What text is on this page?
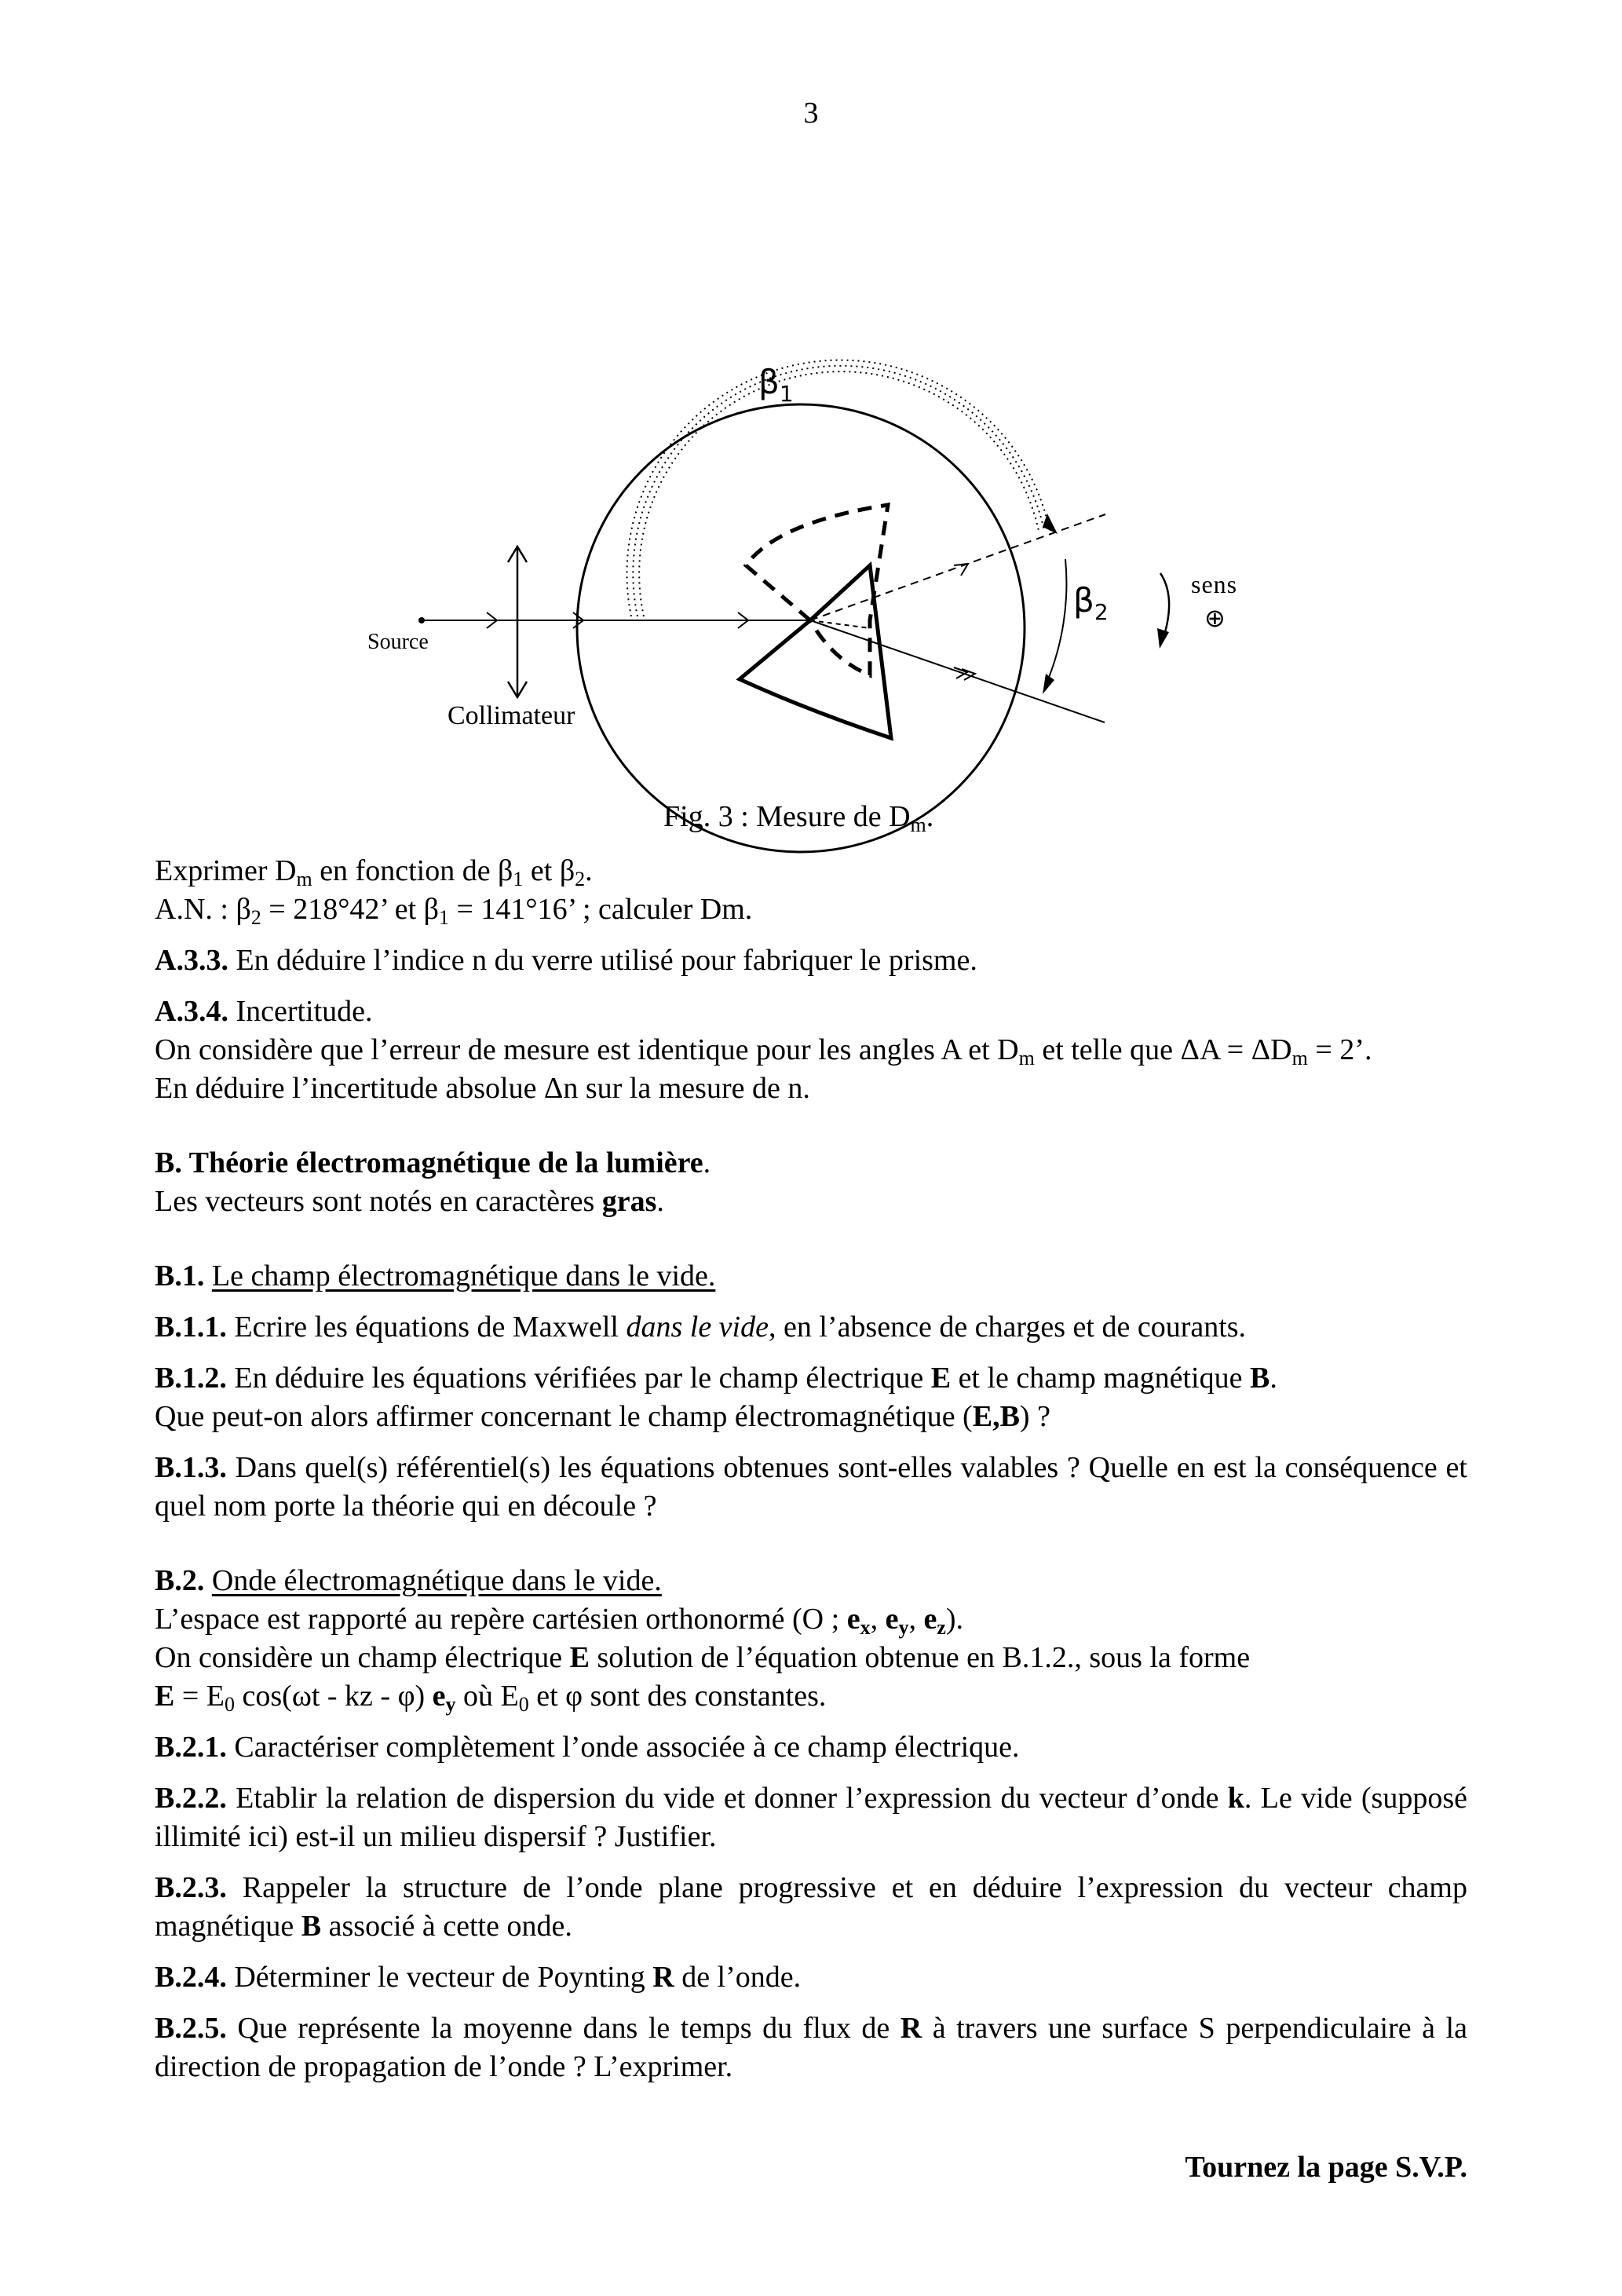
3
$\beta_1$
$\beta_2$
sens
⊕
Source
Collimateur
Fig. 3 : Mesure de $D_m$.

Exprimer $D_m$ en fonction de $\beta_1$ et $\beta_2$.

A.N. : $\beta_2 = 218^\circ 42$’ et $\beta_1 = 141^\circ 16$’ ; calculer Dm.

A.3.3. En déduire l’indice n du verre utilisé pour fabriquer le prisme.

A.3.4. Incertitude.

On considère que l’erreur de mesure est identique pour les angles A et $D_m$ et telle que $\Delta A = \Delta D_m = 2$’.

En déduire l’incertitude absolue Δn sur la mesure de n.

B. Théorie électromagnétique de la lumière.

Les vecteurs sont notés en caractères gras.

B.1. Le champ électromagnétique dans le vide.

B.1.1. Ecrire les équations de Maxwell dans le vide, en l’absence de charges et de courants.

B.1.2. En déduire les équations vérifiées par le champ électrique E et le champ magnétique B.

Que peut-on alors affirmer concernant le champ électromagnétique (E,B) ?

B.1.3. Dans quel(s) référentiel(s) les équations obtenues sont-elles valables ? Quelle en est la conséquence et quel nom porte la théorie qui en découle ?

B.2. Onde électromagnétique dans le vide.

L’espace est rapporté au repère cartésien orthonormé (O ; $e_x$, $e_y$, $e_z$).

On considère un champ électrique E solution de l’équation obtenue en B.1.2., sous la forme
$E = E_0$ cos(ωt - kz - φ) $e_y$ où $E_0$ et φ sont des constantes.

B.2.1. Caractériser complètement l’onde associée à ce champ électrique.

B.2.2. Etablir la relation de dispersion du vide et donner l’expression du vecteur d’onde k. Le vide (supposé illimité ici) est-il un milieu dispersif ? Justifier.

B.2.3. Rappeler la structure de l’onde plane progressive et en déduire l’expression du vecteur champ magnétique B associé à cette onde.

B.2.4. Déterminer le vecteur de Poynting R de l’onde.

B.2.5. Que représente la moyenne dans le temps du flux de R à travers une surface S perpendiculaire à la direction de propagation de l’onde ? L’exprimer.

Tournez la page S.V.P.
